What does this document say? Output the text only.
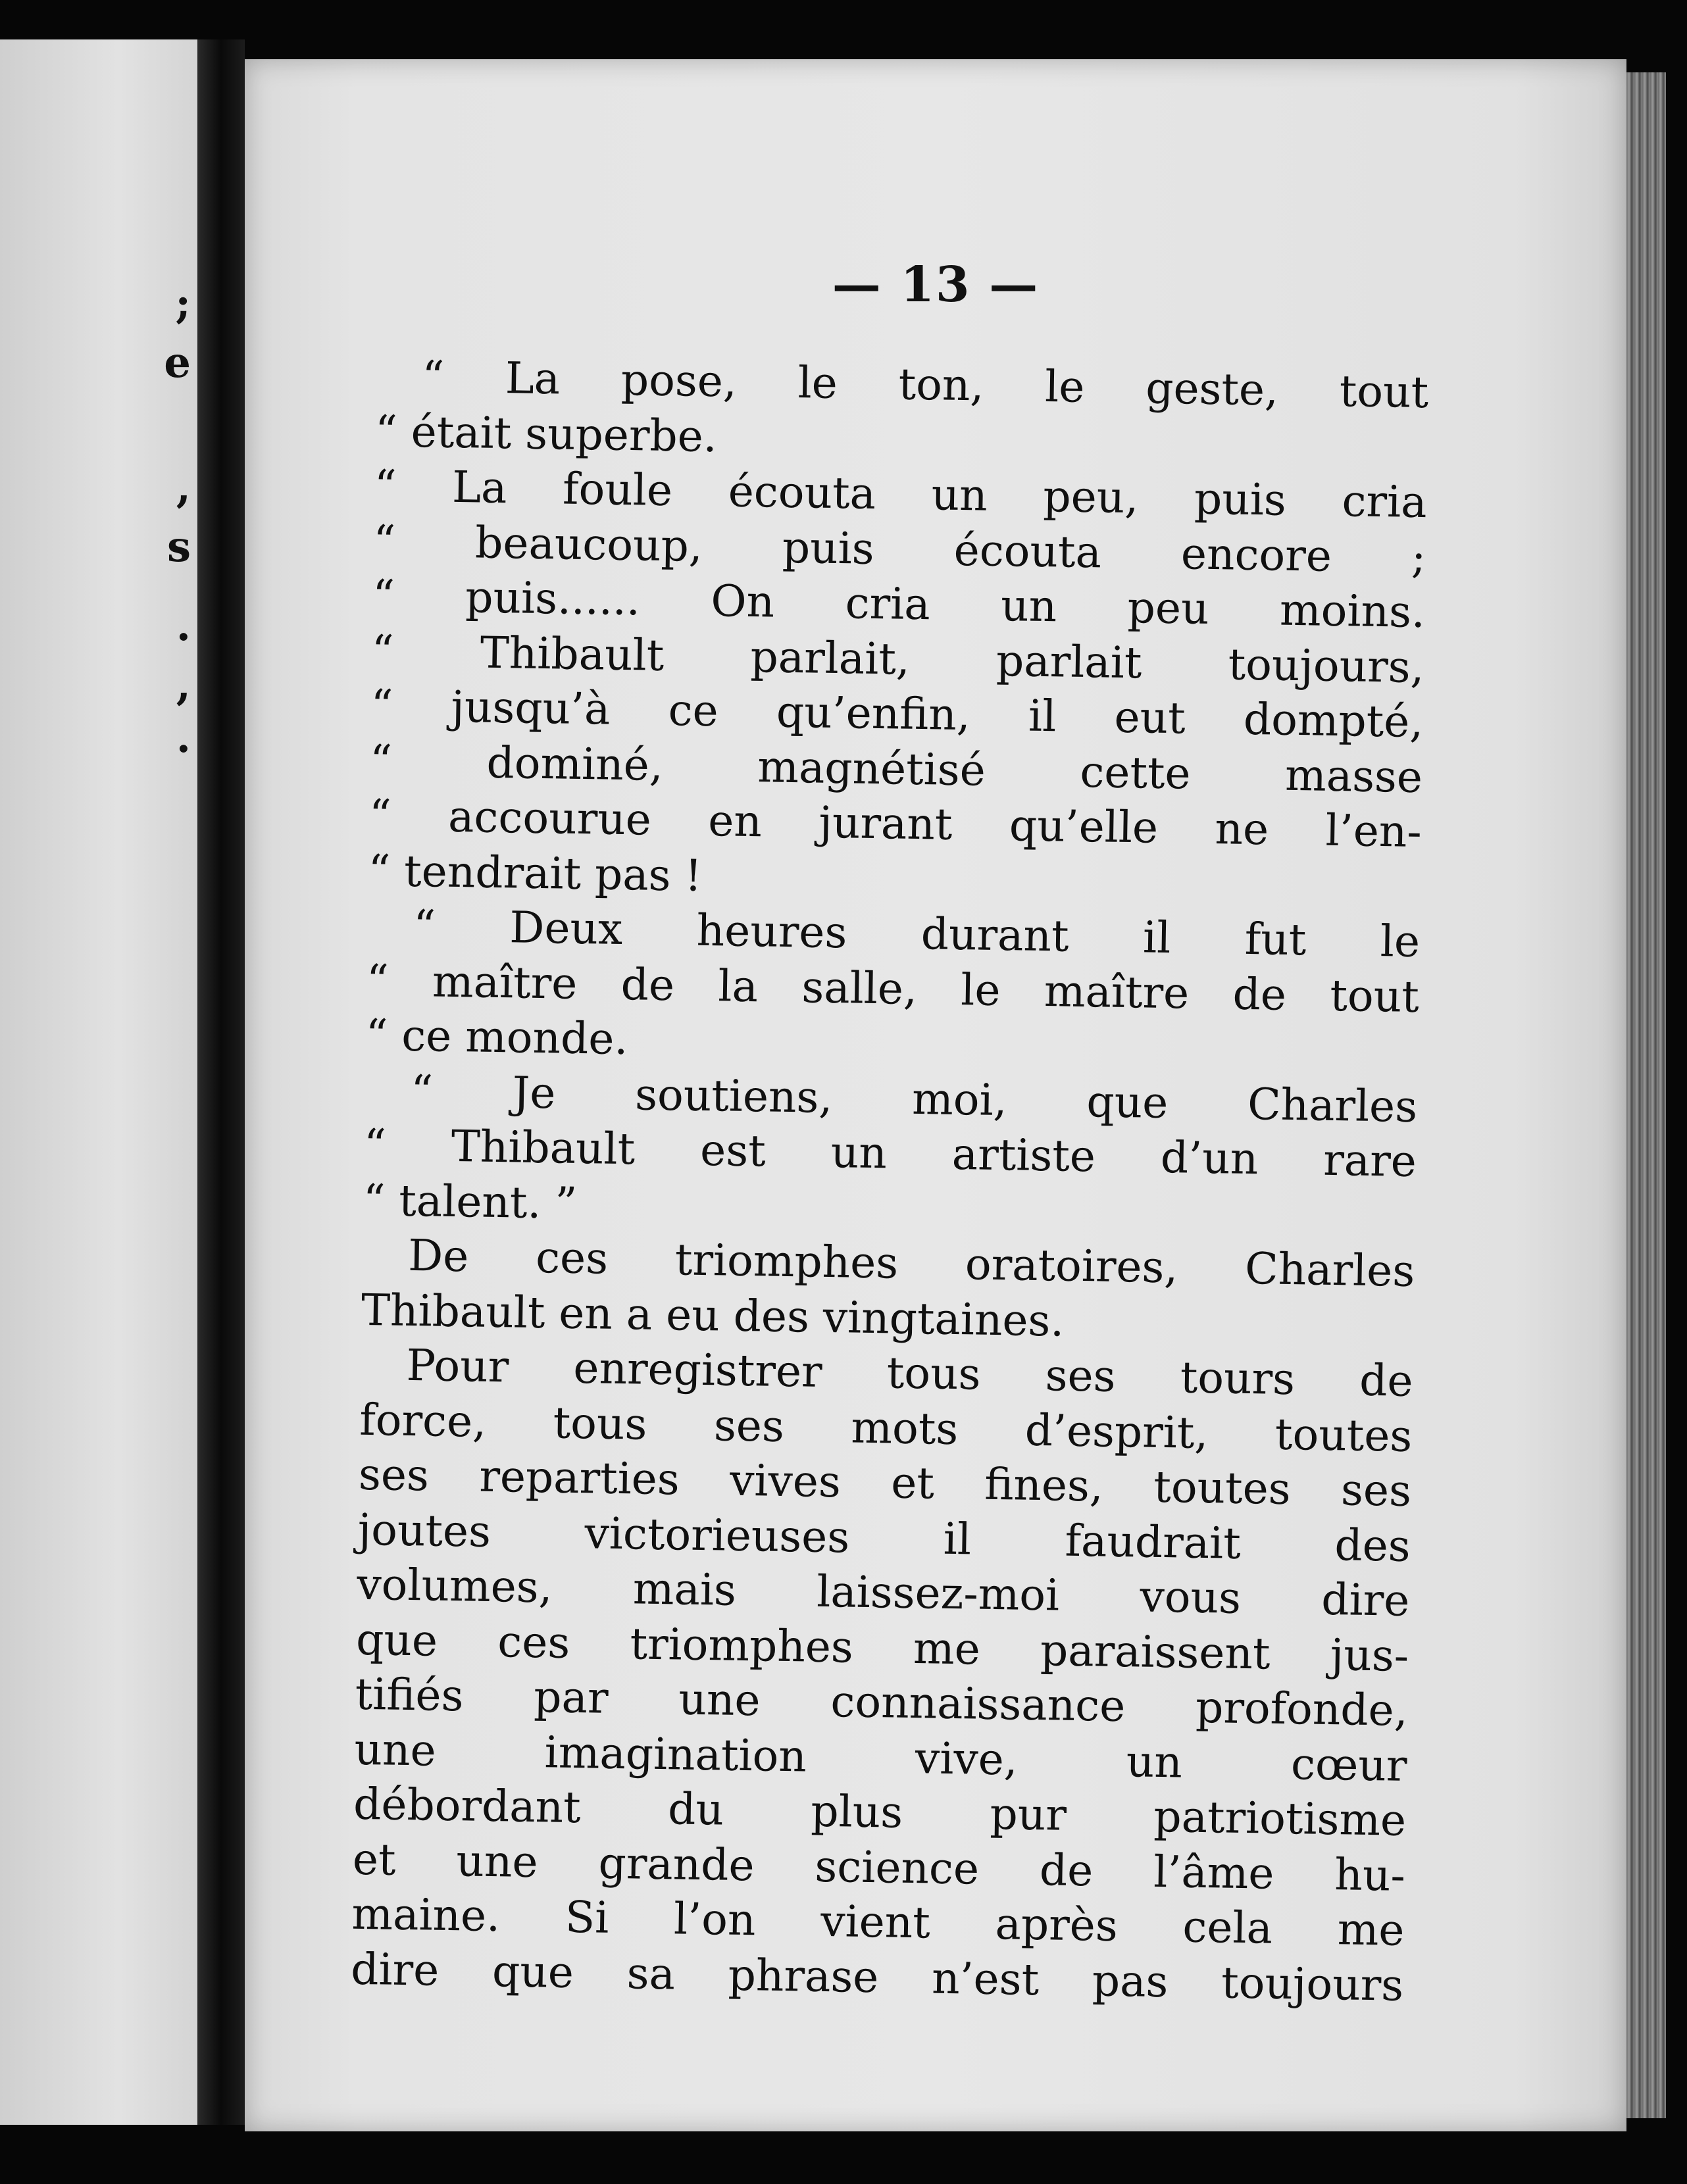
;
e
,
s
.
,
.
— 13 —
“ La pose, le ton, le geste, tout
“ était superbe.
“ La foule écouta un peu, puis cria
“ beaucoup, puis écouta encore ;
“ puis...... On cria un peu moins.
“ Thibault parlait, parlait toujours,
“ jusqu’à ce qu’enfin, il eut dompté,
“ dominé, magnétisé cette masse
“ accourue en jurant qu’elle ne l’en-
“ tendrait pas !
“ Deux heures durant il fut le
“ maître de la salle, le maître de tout
“ ce monde.
“ Je soutiens, moi, que Charles
“ Thibault est un artiste d’un rare
“ talent. ”
De ces triomphes oratoires, Charles
Thibault en a eu des vingtaines.
Pour enregistrer tous ses tours de
force, tous ses mots d’esprit, toutes
ses reparties vives et fines, toutes ses
joutes victorieuses il faudrait des
volumes, mais laissez-moi vous dire
que ces triomphes me paraissent jus-
tifiés par une connaissance profonde,
une imagination vive, un cœur
débordant du plus pur patriotisme
et une grande science de l’âme hu-
maine. Si l’on vient après cela me
dire que sa phrase n’est pas toujours
